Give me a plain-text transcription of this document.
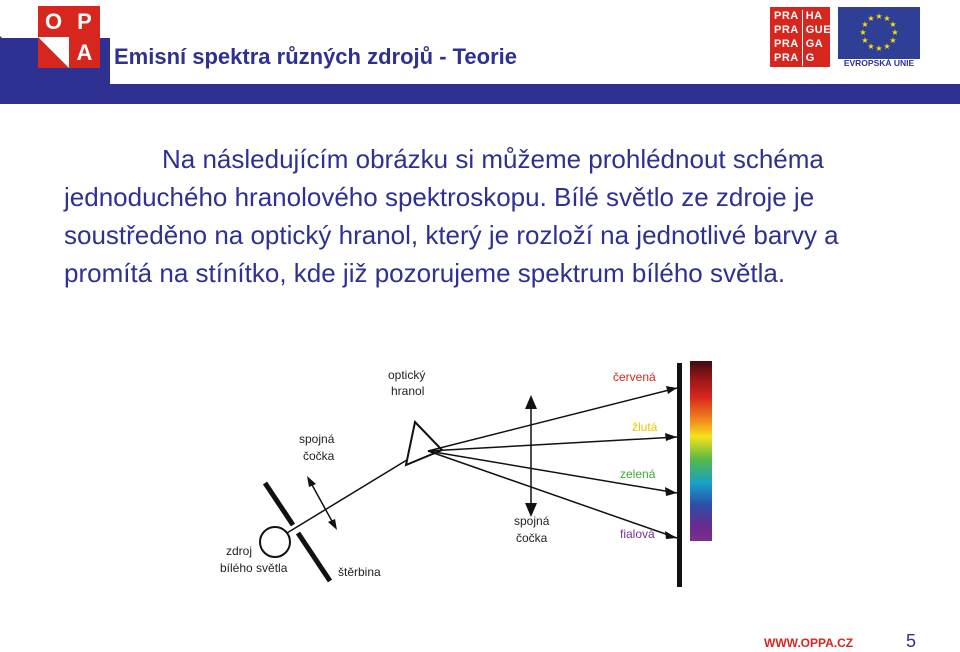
O P
A Emisní spektra různých zdrojů - Teorie
PRA	HA
PRA	GUE
PRA	GA
PRA	G
★ ★
★
★
★
★
★
★
★
★
★
★
EVROPSKÁ UNIE
Na následujícím obrázku si můžeme prohlédnout schéma jednoduchého hranolového spektroskopu. Bílé světlo ze zdroje je soustředěno na optický hranol, který je rozloží na jednotlivé barvy a promítá na stínítko, kde již pozorujeme spektrum bílého světla.
optický
hranol
spojná
čočka
spojná
čočka
zdroj
bílého světla	štěrbina
červená
žlutá
zelená
fialová
WWW.OPPA.CZ	5
